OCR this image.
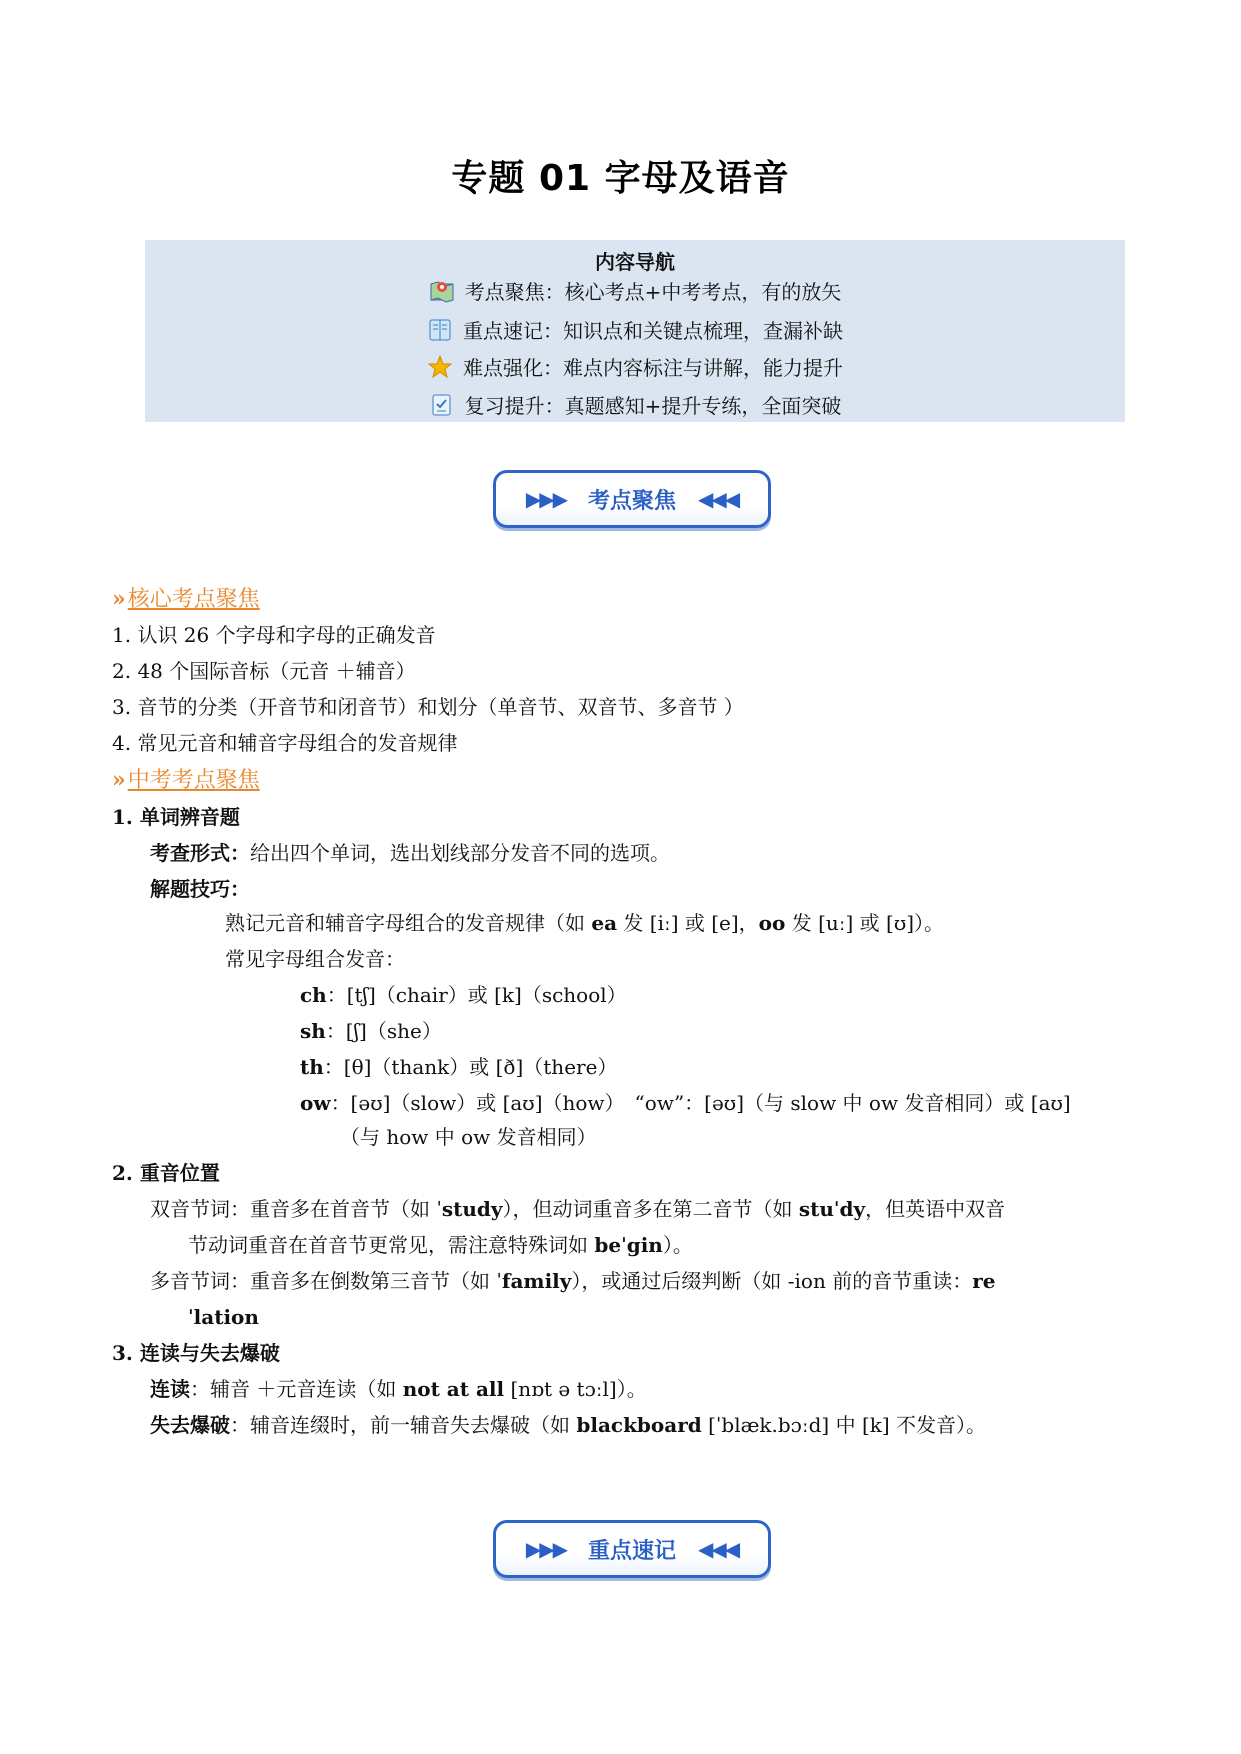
专题 01 字母及语音
内容导航
考点聚焦：核心考点+中考考点，有的放矢
重点速记：知识点和关键点梳理，查漏补缺
难点强化：难点内容标注与讲解，能力提升
复习提升：真题感知+提升专练，全面突破
▶▶▶ 考点聚焦 ◀◀◀
» 核心考点聚焦
1. 认识 26 个字母和字母的正确发音
2. 48 个国际音标（元音 ＋辅音）
3. 音节的分类（开音节和闭音节）和划分（单音节、双音节、多音节 ）
4. 常见元音和辅音字母组合的发音规律
» 中考考点聚焦
1. 单词辨音题
考查形式：给出四个单词，选出划线部分发音不同的选项。
解题技巧：
熟记元音和辅音字母组合的发音规律（如 ea 发 [iː] 或 [e]，oo 发 [uː] 或 [ʊ]）。
常见字母组合发音：
ch：[tʃ]（chair）或 [k]（school）
sh：[ʃ]（she）
th：[θ]（thank）或 [ð]（there）
ow：[əʊ]（slow）或 [aʊ]（how）　“ow”：[əʊ]（与 slow 中 ow 发音相同）或 [aʊ]
（与 how 中 ow 发音相同）
2. 重音位置
双音节词：重音多在首音节（如 ˈstudy），但动词重音多在第二音节（如 stuˈdy，但英语中双音
节动词重音在首音节更常见，需注意特殊词如 beˈgin）。
多音节词：重音多在倒数第三音节（如 ˈfamily），或通过后缀判断（如 -ion 前的音节重读：re
ˈlation
3. 连读与失去爆破
连读：辅音 ＋元音连读（如 not at all [nɒt ə tɔːl]）。
失去爆破：辅音连缀时，前一辅音失去爆破（如 blackboard [ˈblæk.bɔːd] 中 [k] 不发音）。
▶▶▶ 重点速记 ◀◀◀
